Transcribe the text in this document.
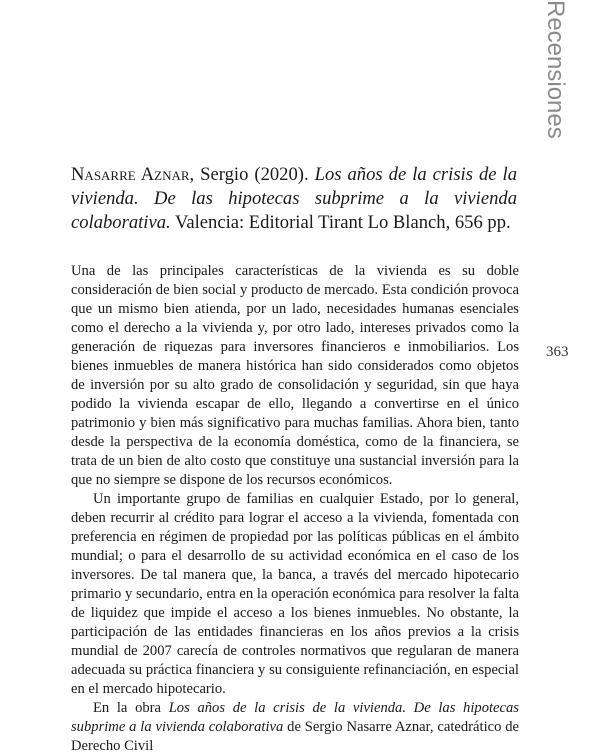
Recensiones
363

Nasarre Aznar, Sergio (2020). Los años de la crisis de la vivienda. De las hipotecas subprime a la vivienda colaborativa. Valencia: Editorial Tirant Lo Blanch, 656 pp.

Una de las principales características de la vivienda es su doble consideración de bien social y producto de mercado. Esta condición provoca que un mismo bien atienda, por un lado, necesidades humanas esenciales como el derecho a la vivienda y, por otro lado, intereses privados como la generación de riquezas para inversores financieros e inmobiliarios. Los bienes inmuebles de manera histórica han sido considerados como objetos de inversión por su alto grado de consolidación y seguridad, sin que haya podido la vivienda escapar de ello, llegando a convertirse en el único patrimonio y bien más significativo para muchas familias. Ahora bien, tanto desde la perspectiva de la economía doméstica, como de la financiera, se trata de un bien de alto costo que constituye una sustancial inversión para la que no siempre se dispone de los recursos económicos.

Un importante grupo de familias en cualquier Estado, por lo general, deben recurrir al crédito para lograr el acceso a la vivienda, fomentada con preferencia en régimen de propiedad por las políticas públicas en el ámbito mundial; o para el desarrollo de su actividad económica en el caso de los inversores. De tal manera que, la banca, a través del mercado hipotecario primario y secundario, entra en la operación económica para resolver la falta de liquidez que impide el acceso a los bienes inmuebles. No obstante, la participación de las entidades financieras en los años previos a la crisis mundial de 2007 carecía de controles normativos que regularan de manera adecuada su práctica financiera y su consiguiente refinanciación, en especial en el mercado hipotecario.

En la obra Los años de la crisis de la vivienda. De las hipotecas subprime a la vivienda colaborativa de Sergio Nasarre Aznar, catedrático de Derecho Civil
